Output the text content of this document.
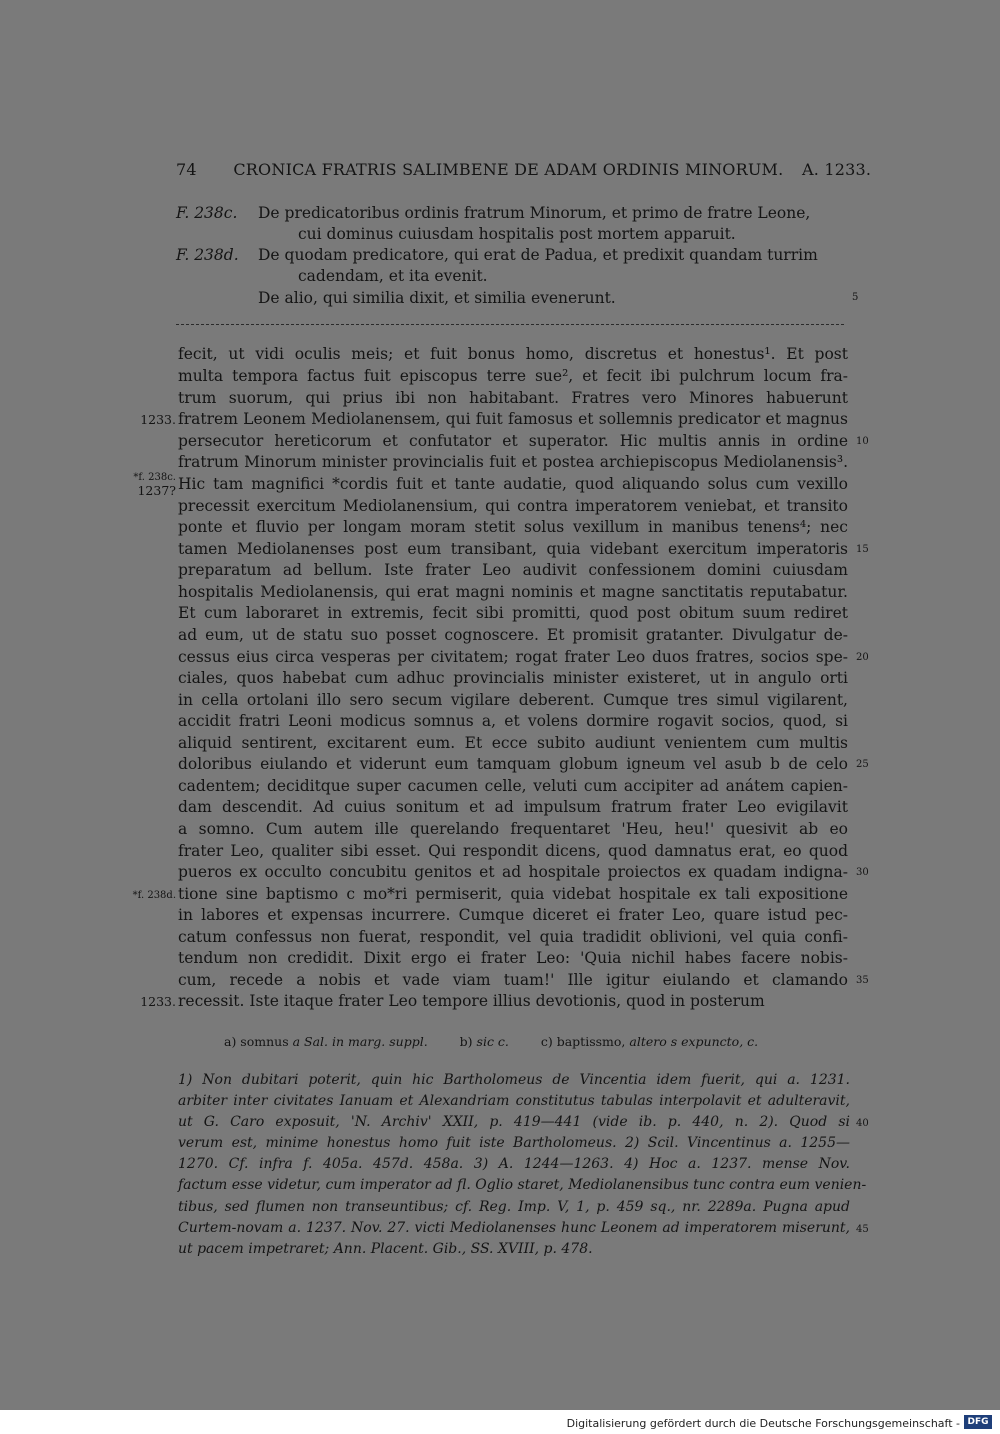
74 CRONICA FRATRIS SALIMBENE DE ADAM ORDINIS MINORUM. A. 1233.
F. 238c. De predicatoribus ordinis fratrum Minorum, et primo de fratre Leone,
cui dominus cuiusdam hospitalis post mortem apparuit.
F. 238d. De quodam predicatore, qui erat de Padua, et predixit quandam turrim
cadendam, et ita evenit.
De alio, qui similia dixit, et similia evenerunt.	5
fecit, ut vidi oculis meis; et fuit bonus homo, discretus et honestus¹. Et post
multa tempora factus fuit episcopus terre sue², et fecit ibi pulchrum locum fra-
trum suorum, qui prius ibi non habitabant. Fratres vero Minores habuerunt
fratrem Leonem Mediolanensem, qui fuit famosus et sollemnis predicator et magnus
persecutor hereticorum et confutator et superator. Hic multis annis in ordine
fratrum Minorum minister provincialis fuit et postea archiepiscopus Mediolanensis³.
Hic tam magnifici *cordis fuit et tante audatie, quod aliquando solus cum vexillo
precessit exercitum Mediolanensium, qui contra imperatorem veniebat, et transito
ponte et fluvio per longam moram stetit solus vexillum in manibus tenens⁴; nec
tamen Mediolanenses post eum transibant, quia videbant exercitum imperatoris
preparatum ad bellum. Iste frater Leo audivit confessionem domini cuiusdam
hospitalis Mediolanensis, qui erat magni nominis et magne sanctitatis reputabatur.
Et cum laboraret in extremis, fecit sibi promitti, quod post obitum suum rediret
ad eum, ut de statu suo posset cognoscere. Et promisit gratanter. Divulgatur de-
cessus eius circa vesperas per civitatem; rogat frater Leo duos fratres, socios spe-
ciales, quos habebat cum adhuc provincialis minister existeret, ut in angulo orti
in cella ortolani illo sero secum vigilare deberent. Cumque tres simul vigilarent,
accidit fratri Leoni modicus somnus a, et volens dormire rogavit socios, quod, si
aliquid sentirent, excitarent eum. Et ecce subito audiunt venientem cum multis
doloribus eiulando et viderunt eum tamquam globum igneum vel asub b de celo
cadentem; deciditque super cacumen celle, veluti cum accipiter ad anátem capien-
dam descendit. Ad cuius sonitum et ad impulsum fratrum frater Leo evigilavit
a somno. Cum autem ille querelando frequentaret 'Heu, heu!' quesivit ab eo
frater Leo, qualiter sibi esset. Qui respondit dicens, quod damnatus erat, eo quod
pueros ex occulto concubitu genitos et ad hospitale proiectos ex quadam indigna-
tione sine baptismo c mo*ri permiserit, quia videbat hospitale ex tali expositione
in labores et expensas incurrere. Cumque diceret ei frater Leo, quare istud pec-
catum confessus non fuerat, respondit, vel quia tradidit oblivioni, vel quia confi-
tendum non credidit. Dixit ergo ei frater Leo: 'Quia nichil habes facere nobis-
cum, recede a nobis et vade viam tuam!' Ille igitur eiulando et clamando
recessit. Iste itaque frater Leo tempore illius devotionis, quod in posterum
10
15
20
25
30
35
1233.
*f. 238c.
1237?
*f. 238d.
1233.
a) somnus a Sal. in marg. suppl.	b) sic c.	c) baptissmo, altero s expuncto, c.
1) Non dubitari poterit, quin hic Bartholomeus de Vincentia idem fuerit, qui a. 1231.
arbiter inter civitates Ianuam et Alexandriam constitutus tabulas interpolavit et adulteravit,
ut G. Caro exposuit, 'N. Archiv' XXII, p. 419—441 (vide ib. p. 440, n. 2). Quod si
verum est, minime honestus homo fuit iste Bartholomeus. 2) Scil. Vincentinus a. 1255—
1270. Cf. infra f. 405a. 457d. 458a. 3) A. 1244—1263. 4) Hoc a. 1237. mense Nov.
factum esse videtur, cum imperator ad fl. Oglio staret, Mediolanensibus tunc contra eum venien-
tibus, sed flumen non transeuntibus; cf. Reg. Imp. V, 1, p. 459 sq., nr. 2289a. Pugna apud
Curtem-novam a. 1237. Nov. 27. victi Mediolanenses hunc Leonem ad imperatorem miserunt,
ut pacem impetraret; Ann. Placent. Gib., SS. XVIII, p. 478.
40
45
Digitalisierung gefördert durch die Deutsche Forschungsgemeinschaft - DFG
